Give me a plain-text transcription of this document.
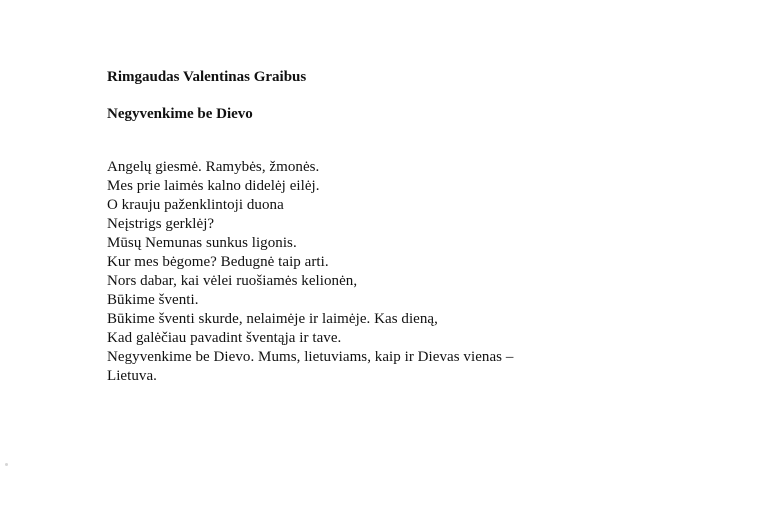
Rimgaudas Valentinas Graibus
Negyvenkime be Dievo
Angelų giesmė. Ramybės, žmonės.
Mes prie laimės kalno didelėj eilėj.
O krauju paženklintoji duona
Neįstrigs gerklėj?
Mūsų Nemunas sunkus ligonis.
Kur mes bėgome? Bedugnė taip arti.
Nors dabar, kai vėlei ruošiamės kelionėn,
Būkime šventi.
Būkime šventi skurde, nelaimėje ir laimėje. Kas dieną,
Kad galėčiau pavadint šventąja ir tave.
Negyvenkime be Dievo. Mums, lietuviams, kaip ir Dievas vienas –
Lietuva.
